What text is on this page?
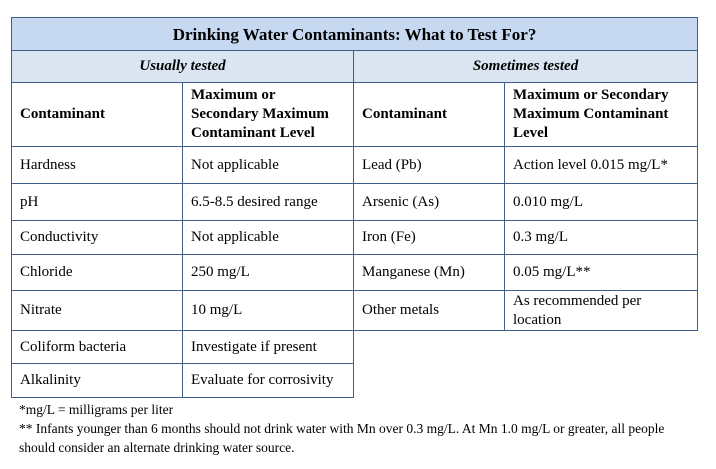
Drinking Water Contaminants: What to Test For?			
Usually tested		Sometimes tested	
Contaminant	Maximum or Secondary Maximum Contaminant Level	Contaminant	Maximum or Secondary Maximum Contaminant Level
Hardness	Not applicable	Lead (Pb)	Action level 0.015 mg/L*
pH	6.5-8.5 desired range	Arsenic (As)	0.010 mg/L
Conductivity	Not applicable	Iron (Fe)	0.3 mg/L
Chloride	250 mg/L	Manganese (Mn)	0.05 mg/L**
Nitrate	10 mg/L	Other metals	As recommended per location
Coliform bacteria	Investigate if present		
Alkalinity	Evaluate for corrosivity		
*mg/L = milligrams per liter
** Infants younger than 6 months should not drink water with Mn over 0.3 mg/L. At Mn 1.0 mg/L or greater, all people should consider an alternate drinking water source.
